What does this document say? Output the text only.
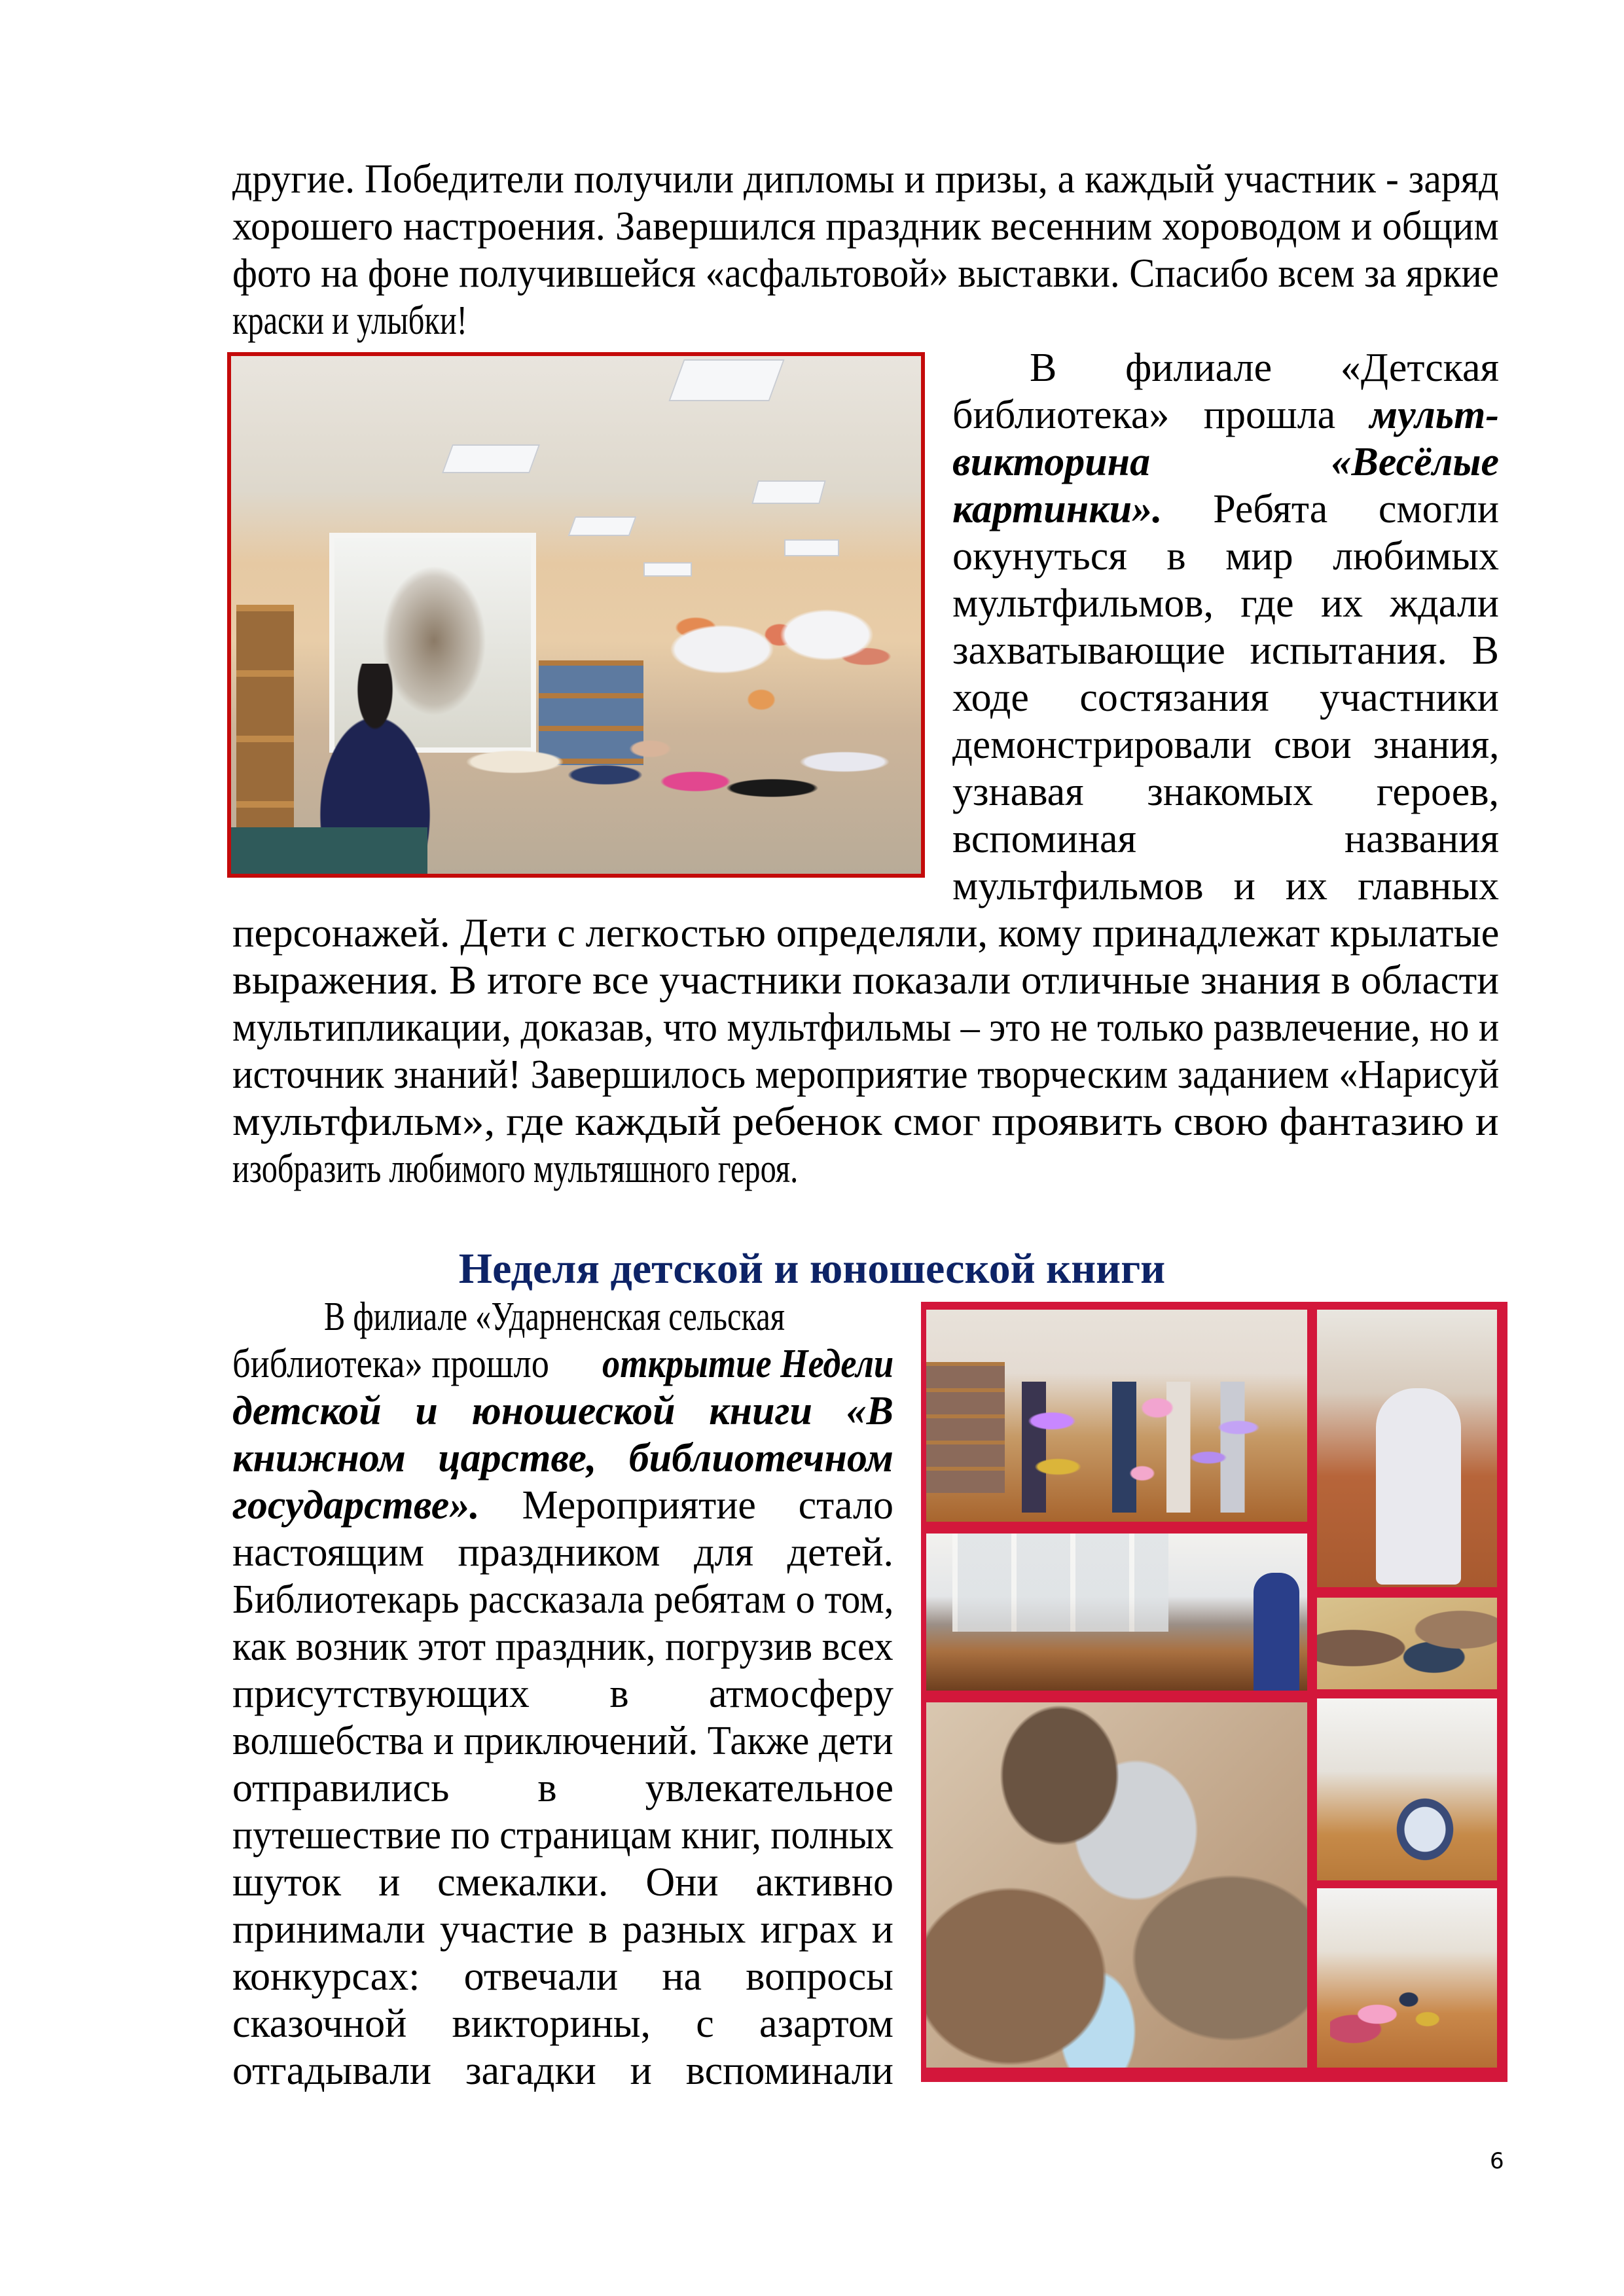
другие. Победители получили дипломы и призы, а каждый участник - заряд
хорошего настроения. Завершился праздник весенним хороводом и общим
фото на фоне получившейся «асфальтовой» выставки. Спасибо всем за яркие
краски и улыбки!
В филиале «Детская
библиотека» прошла мульт-
викторина	«Весёлые
картинки». Ребята смогли
окунуться в мир любимых
мультфильмов, где их ждали
захватывающие испытания. В
ходе состязания участники
демонстрировали свои знания,
узнавая знакомых героев,
вспоминая	названия
мультфильмов и их главных
персонажей. Дети с легкостью определяли, кому принадлежат крылатые
выражения. В итоге все участники показали отличные знания в области
мультипликации, доказав, что мультфильмы – это не только развлечение, но и
источник знаний! Завершилось мероприятие творческим заданием «Нарисуй
мультфильм», где каждый ребенок смог проявить свою фантазию и
изобразить любимого мультяшного героя.
Неделя детской и юношеской книги
В филиале «Ударненская сельская
библиотека» прошло открытие Недели
детской и юношеской книги «В
книжном царстве, библиотечном
государстве». Мероприятие стало
настоящим праздником для детей.
Библиотекарь рассказала ребятам о том,
как возник этот праздник, погрузив всех
присутствующих в атмосферу
волшебства и приключений. Также дети
отправились в увлекательное
путешествие по страницам книг, полных
шуток и смекалки. Они активно
принимали участие в разных играх и
конкурсах: отвечали на вопросы
сказочной викторины, с азартом
отгадывали загадки и вспоминали
6
